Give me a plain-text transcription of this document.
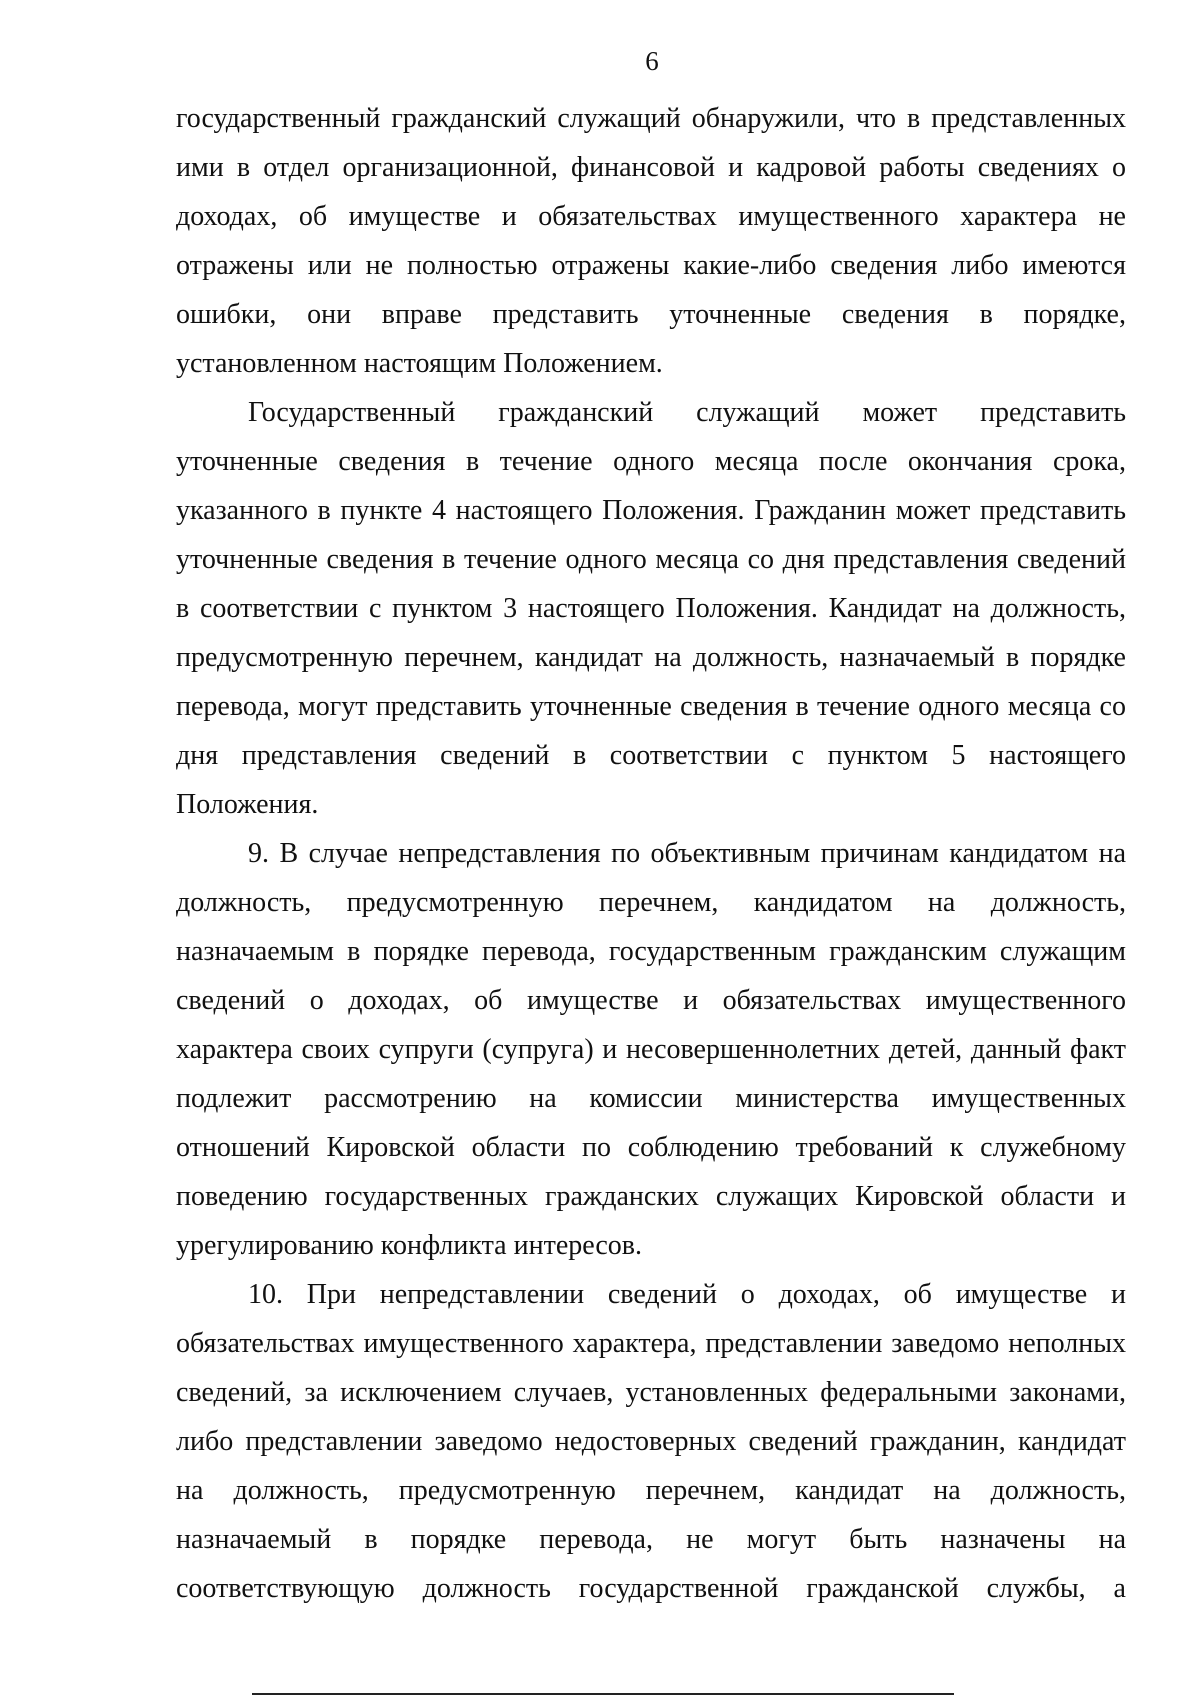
6

государственный гражданский служащий обнаружили, что в представленных ими в отдел организационной, финансовой и кадровой работы сведениях о доходах, об имуществе и обязательствах имущественного характера не отражены или не полностью отражены какие-либо сведения либо имеются ошибки, они вправе представить уточненные сведения в порядке, установленном настоящим Положением.

Государственный гражданский служащий может представить уточненные сведения в течение одного месяца после окончания срока, указанного в пункте 4 настоящего Положения. Гражданин может представить уточненные сведения в течение одного месяца со дня представления сведений в соответствии с пунктом 3 настоящего Положения. Кандидат на должность, предусмотренную перечнем, кандидат на должность, назначаемый в порядке перевода, могут представить уточненные сведения в течение одного месяца со дня представления сведений в соответствии с пунктом 5 настоящего Положения.

9. В случае непредставления по объективным причинам кандидатом на должность, предусмотренную перечнем, кандидатом на должность, назначаемым в порядке перевода, государственным гражданским служащим сведений о доходах, об имуществе и обязательствах имущественного характера своих супруги (супруга) и несовершеннолетних детей, данный факт подлежит рассмотрению на комиссии министерства имущественных отношений Кировской области по соблюдению требований к служебному поведению государственных гражданских служащих Кировской области и урегулированию конфликта интересов.

10. При непредставлении сведений о доходах, об имуществе и обязательствах имущественного характера, представлении заведомо неполных сведений, за исключением случаев, установленных федеральными законами, либо представлении заведомо недостоверных сведений гражданин, кандидат на должность, предусмотренную перечнем, кандидат на должность, назначаемый в порядке перевода, не могут быть назначены на соответствующую должность государственной гражданской службы, а
